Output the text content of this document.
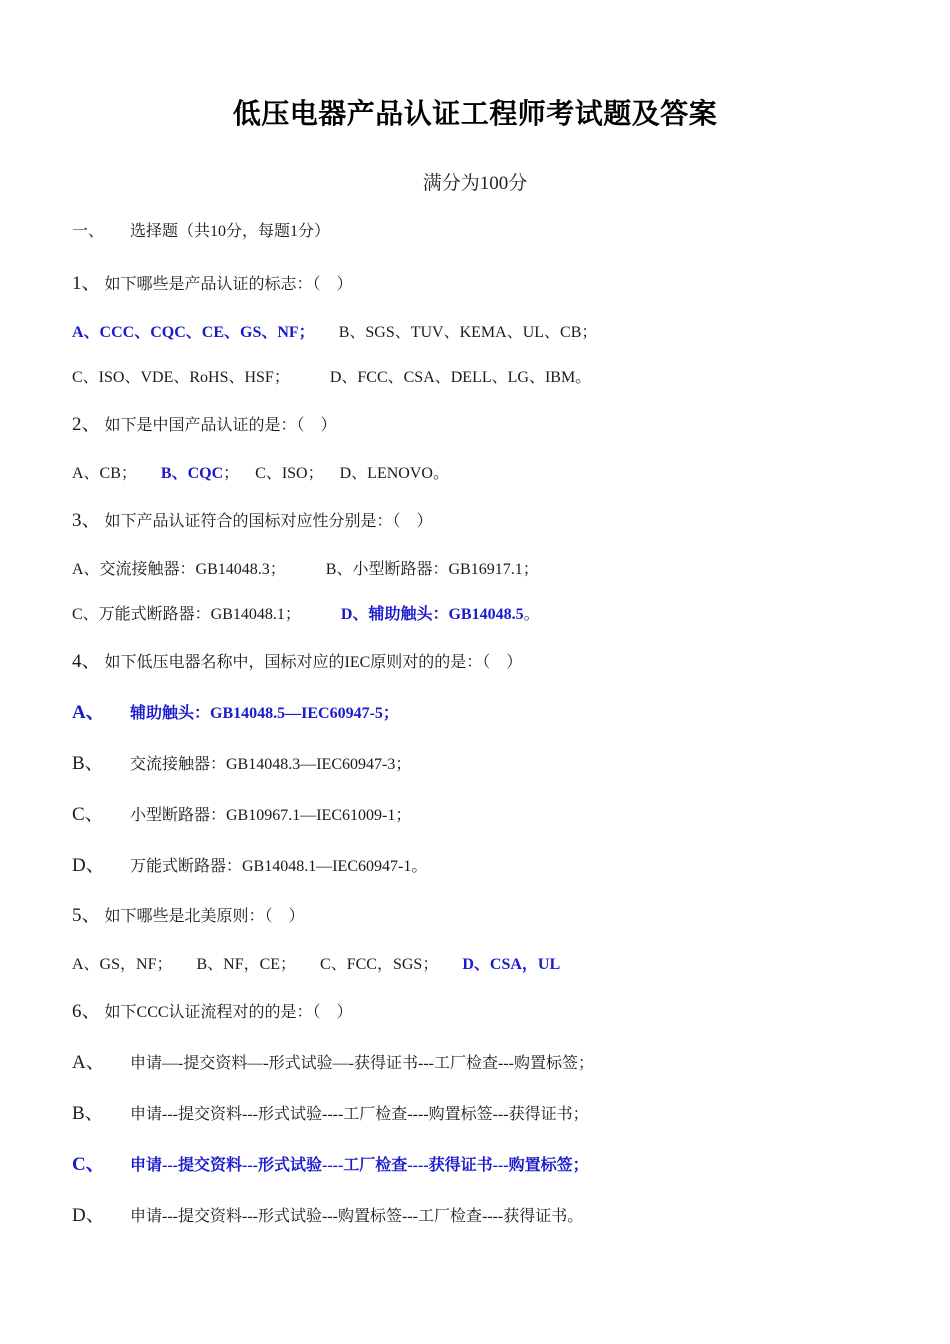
低压电器产品认证工程师考试题及答案
满分为100分
一、 选择题（共10分，每题1分）
1、 如下哪些是产品认证的标志：（　）
A、CCC、CQC、CE、GS、NF； B、SGS、TUV、KEMA、UL、CB；
C、ISO、VDE、RoHS、HSF；	D、FCC、CSA、DELL、LG、IBM。
2、 如下是中国产品认证的是：（　）
A、CB； B、CQC； C、ISO； D、LENOVO。
3、 如下产品认证符合的国标对应性分别是：（　）
A、交流接触器：GB14048.3；	B、小型断路器：GB16917.1；
C、万能式断路器：GB14048.1；	D、辅助触头：GB14048.5。
4、 如下低压电器名称中，国标对应的IEC原则对的的是：（　）
A、 辅助触头：GB14048.5—IEC60947-5；
B、 交流接触器：GB14048.3—IEC60947-3；
C、 小型断路器：GB10967.1—IEC61009-1；
D、 万能式断路器：GB14048.1—IEC60947-1。
5、 如下哪些是北美原则：（　）
A、GS，NF； B、NF，CE； C、FCC，SGS； D、CSA，UL
6、 如下CCC认证流程对的的是：（　）
A、 申请—-提交资料—-形式试验—-获得证书---工厂检查---购置标签；
B、 申请---提交资料---形式试验----工厂检查----购置标签---获得证书；
C、 申请---提交资料---形式试验----工厂检查----获得证书---购置标签；
D、 申请---提交资料---形式试验---购置标签---工厂检查----获得证书。
